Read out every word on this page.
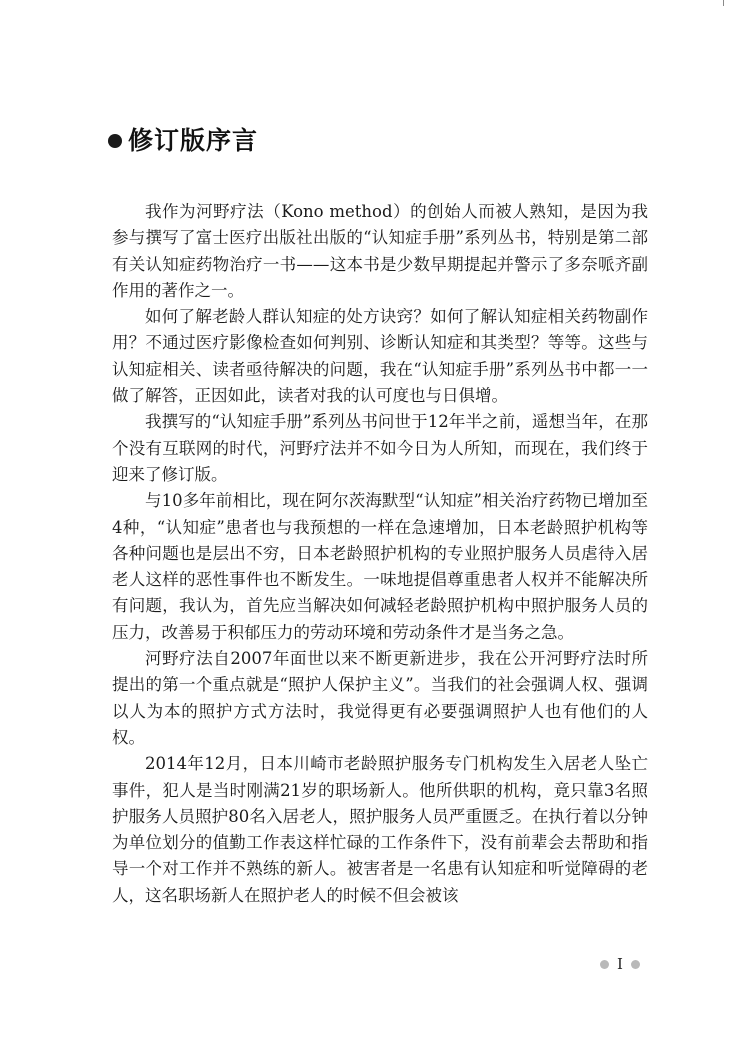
修订版序言

我作为河野疗法（Kono method）的创始人而被人熟知，是因为我参与撰写了富士医疗出版社出版的“认知症手册”系列丛书，特别是第二部有关认知症药物治疗一书——这本书是少数早期提起并警示了多奈哌齐副作用的著作之一。

如何了解老龄人群认知症的处方诀窍？如何了解认知症相关药物副作用？不通过医疗影像检查如何判别、诊断认知症和其类型？等等。这些与认知症相关、读者亟待解决的问题，我在“认知症手册”系列丛书中都一一做了解答，正因如此，读者对我的认可度也与日俱增。

我撰写的“认知症手册”系列丛书问世于12年半之前，遥想当年，在那个没有互联网的时代，河野疗法并不如今日为人所知，而现在，我们终于迎来了修订版。

与10多年前相比，现在阿尔茨海默型“认知症”相关治疗药物已增加至4种，“认知症”患者也与我预想的一样在急速增加，日本老龄照护机构等各种问题也是层出不穷，日本老龄照护机构的专业照护服务人员虐待入居老人这样的恶性事件也不断发生。一味地提倡尊重患者人权并不能解决所有问题，我认为，首先应当解决如何减轻老龄照护机构中照护服务人员的压力，改善易于积郁压力的劳动环境和劳动条件才是当务之急。

河野疗法自2007年面世以来不断更新进步，我在公开河野疗法时所提出的第一个重点就是“照护人保护主义”。当我们的社会强调人权、强调以人为本的照护方式方法时，我觉得更有必要强调照护人也有他们的人权。

2014年12月，日本川崎市老龄照护服务专门机构发生入居老人坠亡事件，犯人是当时刚满21岁的职场新人。他所供职的机构，竟只靠3名照护服务人员照护80名入居老人，照护服务人员严重匮乏。在执行着以分钟为单位划分的值勤工作表这样忙碌的工作条件下，没有前辈会去帮助和指导一个对工作并不熟练的新人。被害者是一名患有认知症和听觉障碍的老人，这名职场新人在照护老人的时候不但会被该

I
